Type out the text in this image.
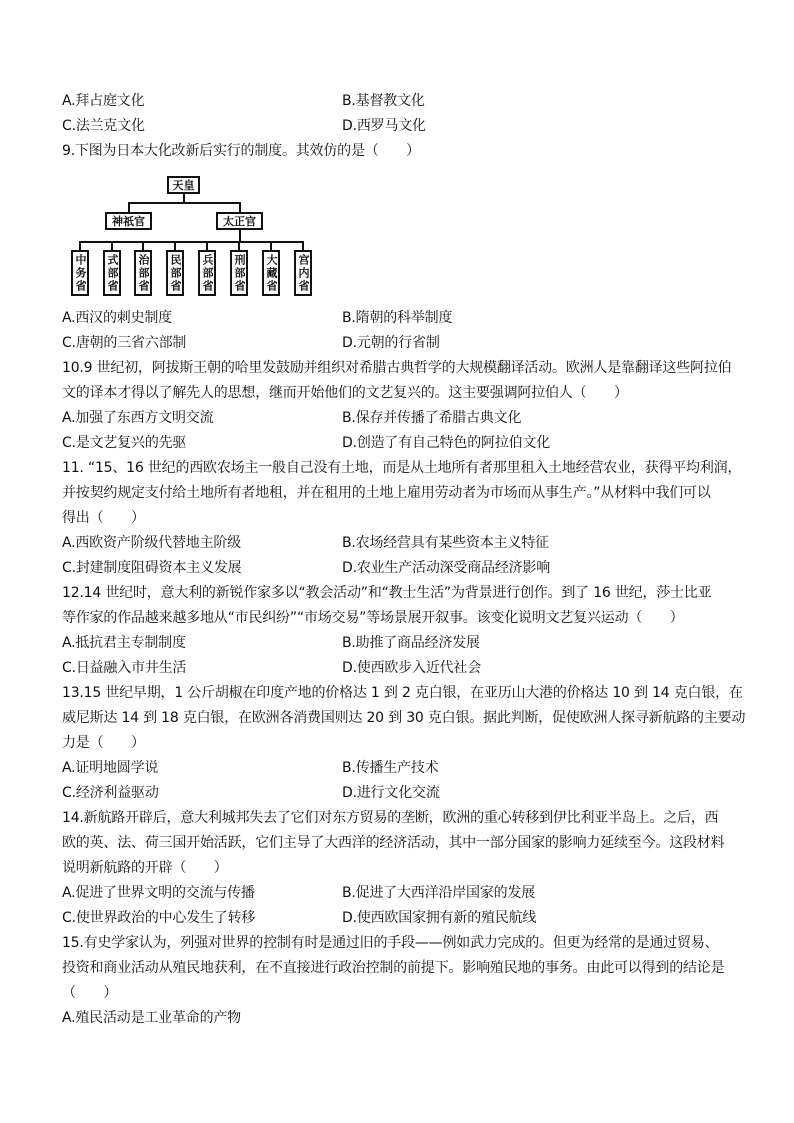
A.拜占庭文化	B.基督教文化
C.法兰克文化	D.西罗马文化
9.下图为日本大化改新后实行的制度。其效仿的是（　　）
天皇
神祇官	太正官
中务省 式部省 治部省 民部省 兵部省 刑部省 大藏省 宫内省
A.西汉的刺史制度	B.隋朝的科举制度
C.唐朝的三省六部制	D.元朝的行省制
10.9 世纪初，阿拔斯王朝的哈里发鼓励并组织对希腊古典哲学的大规模翻译活动。欧洲人是靠翻译这些阿拉伯
文的译本才得以了解先人的思想，继而开始他们的文艺复兴的。这主要强调阿拉伯人（　　）
A.加强了东西方文明交流	B.保存并传播了希腊古典文化
C.是文艺复兴的先驱	D.创造了有自己特色的阿拉伯文化
11. “15、16 世纪的西欧农场主一般自己没有土地，而是从土地所有者那里租入土地经营农业，获得平均利润，
并按契约规定支付给土地所有者地租，并在租用的土地上雇用劳动者为市场而从事生产。”从材料中我们可以
得出（　　）
A.西欧资产阶级代替地主阶级	B.农场经营具有某些资本主义特征
C.封建制度阻碍资本主义发展	D.农业生产活动深受商品经济影响
12.14 世纪时，意大利的新锐作家多以“教会活动”和“教士生活”为背景进行创作。到了 16 世纪，莎士比亚
等作家的作品越来越多地从“市民纠纷”“市场交易”等场景展开叙事。该变化说明文艺复兴运动（　　）
A.抵抗君主专制制度	B.助推了商品经济发展
C.日益融入市井生活	D.使西欧步入近代社会
13.15 世纪早期，1 公斤胡椒在印度产地的价格达 1 到 2 克白银，在亚历山大港的价格达 10 到 14 克白银，在
威尼斯达 14 到 18 克白银，在欧洲各消费国则达 20 到 30 克白银。据此判断，促使欧洲人探寻新航路的主要动
力是（　　）
A.证明地圆学说	B.传播生产技术
C.经济利益驱动	D.进行文化交流
14.新航路开辟后，意大利城邦失去了它们对东方贸易的垄断，欧洲的重心转移到伊比利亚半岛上。之后，西
欧的英、法、荷三国开始活跃，它们主导了大西洋的经济活动，其中一部分国家的影响力延续至今。这段材料
说明新航路的开辟（　　）
A.促进了世界文明的交流与传播	B.促进了大西洋沿岸国家的发展
C.使世界政治的中心发生了转移	D.使西欧国家拥有新的殖民航线
15.有史学家认为，列强对世界的控制有时是通过旧的手段——例如武力完成的。但更为经常的是通过贸易、
投资和商业活动从殖民地获利，在不直接进行政治控制的前提下。影响殖民地的事务。由此可以得到的结论是
（　　）
A.殖民活动是工业革命的产物
